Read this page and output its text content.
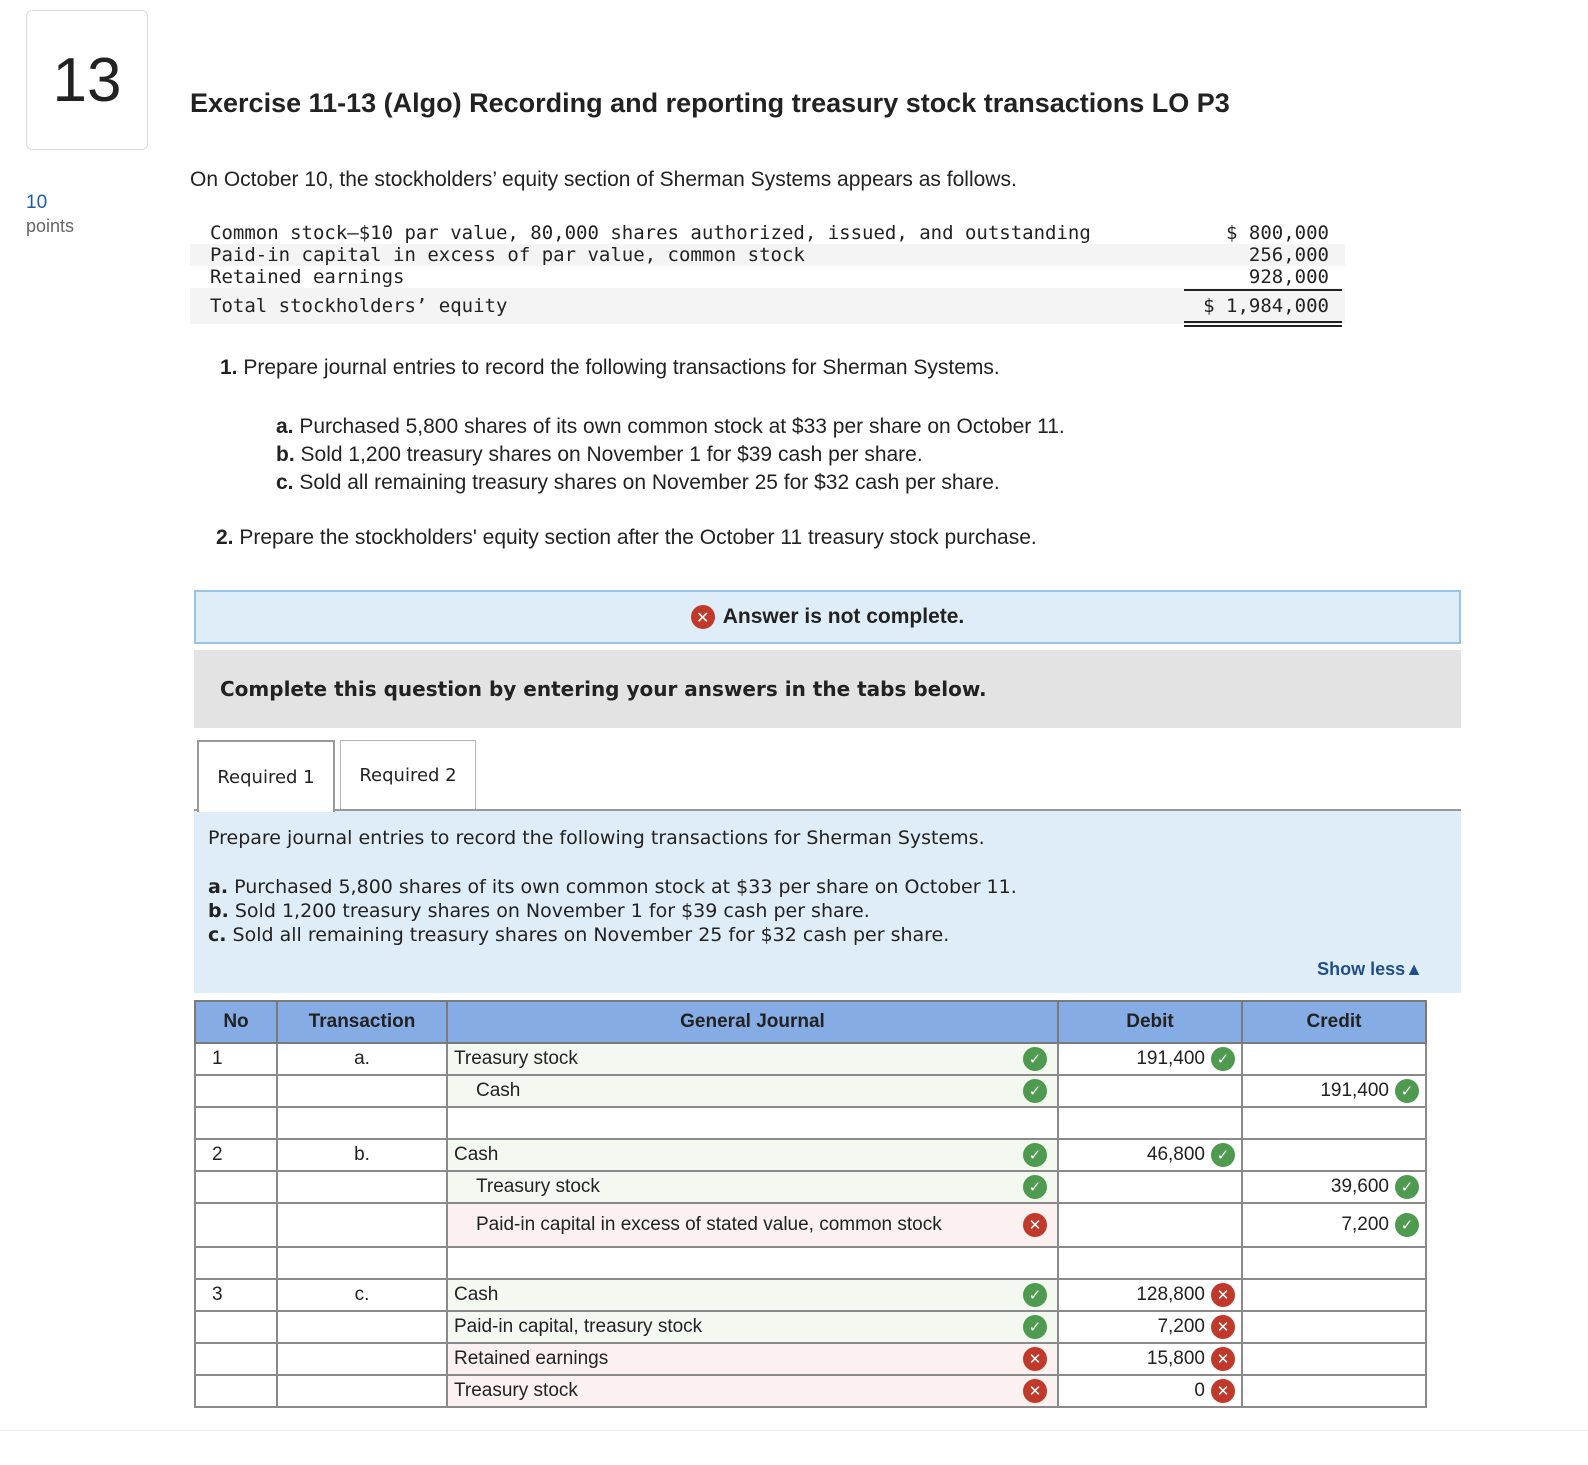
13
10
points
Exercise 11-13 (Algo) Recording and reporting treasury stock transactions LO P3
On October 10, the stockholders’ equity section of Sherman Systems appears as follows.
Common stock—$10 par value, 80,000 shares authorized, issued, and outstanding	$ 800,000
Paid-in capital in excess of par value, common stock	256,000
Retained earnings	928,000
Total stockholders’ equity	$ 1,984,000
1. Prepare journal entries to record the following transactions for Sherman Systems.
a. Purchased 5,800 shares of its own common stock at $33 per share on October 11.
b. Sold 1,200 treasury shares on November 1 for $39 cash per share.
c. Sold all remaining treasury shares on November 25 for $32 cash per share.
2. Prepare the stockholders' equity section after the October 11 treasury stock purchase.
✕ Answer is not complete.
Complete this question by entering your answers in the tabs below.
Required 1 Required 2
Prepare journal entries to record the following transactions for Sherman Systems.
a. Purchased 5,800 shares of its own common stock at $33 per share on October 11.
b. Sold 1,200 treasury shares on November 1 for $39 cash per share.
c. Sold all remaining treasury shares on November 25 for $32 cash per share.
Show less▲
No	Transaction	General Journal	Debit	Credit
1	a.	Treasury stock ✓	191,400 ✓	

		Cash ✓		191,400 ✓

2	b.	Cash ✓	46,800 ✓	

		Treasury stock ✓		39,600 ✓

		Paid-in capital in excess of stated value, common stock ✕		7,200 ✓

3	c.	Cash ✓	128,800 ✕	

		Paid-in capital, treasury stock ✓	7,200 ✕	

		Retained earnings ✕	15,800 ✕	

		Treasury stock ✕	0 ✕	
